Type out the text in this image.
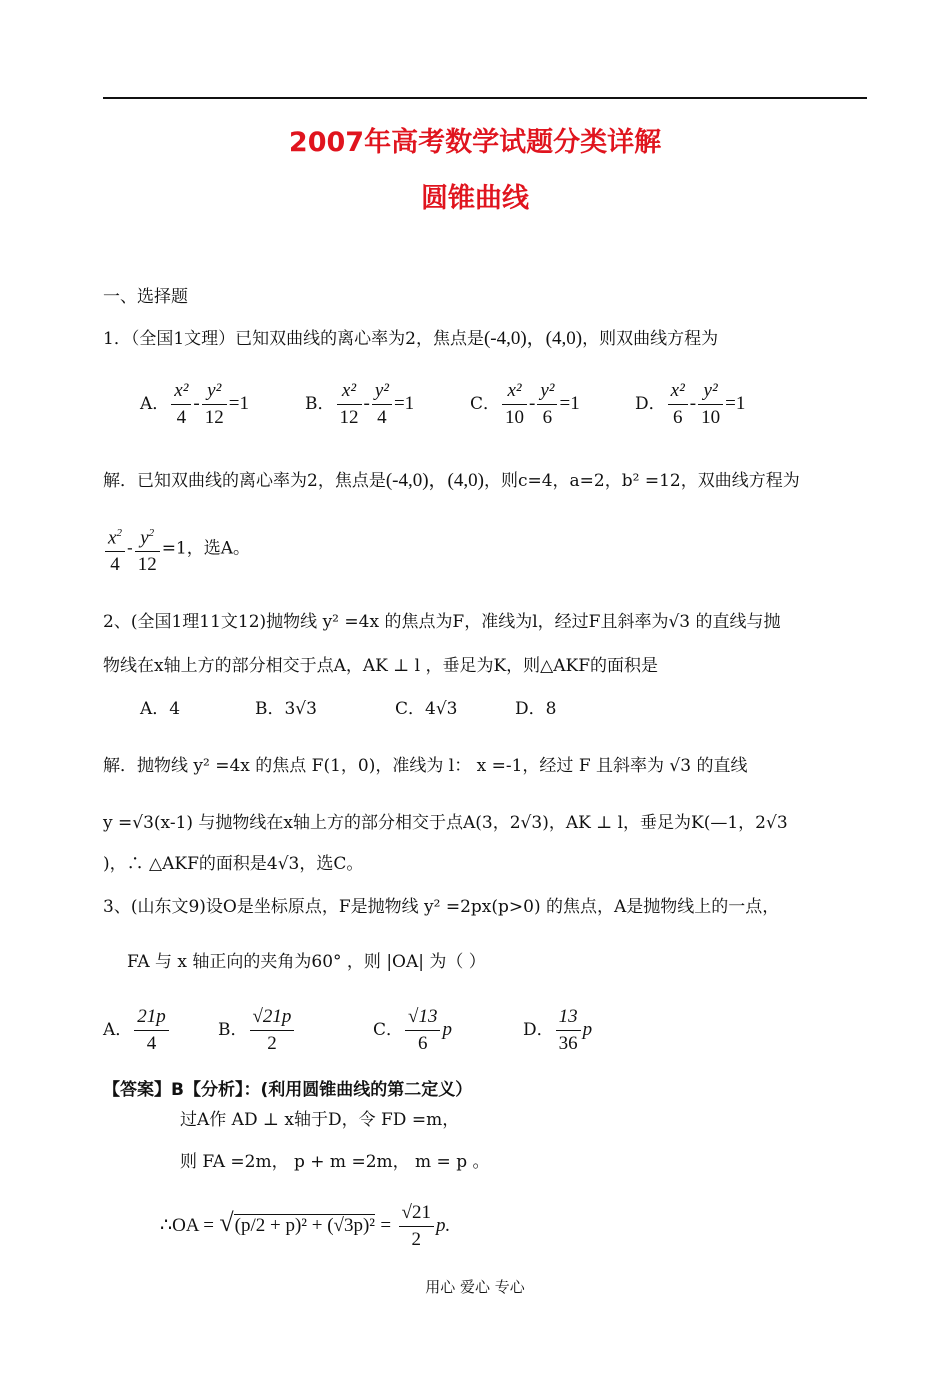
2007年高考数学试题分类详解
圆锥曲线
一、选择题
1．（全国1文理）已知双曲线的离心率为2，焦点是(-4,0)，(4,0)，则双曲线方程为
A． $\frac{\text{x²}}{4} - \frac{\text{y²}}{12} =1$	B． $\frac{\text{x²}}{12} - \frac{\text{y²}}{4} =1$	C． $\frac{\text{x²}}{10} - \frac{\text{y²}}{6} =1$	D． $\frac{\text{x²}}{6} - \frac{\text{y²}}{10} =1$
解．已知双曲线的离心率为2，焦点是(-4,0)，(4,0)，则c=4，a=2，b² =12，双曲线方程为
$\frac{x^2}{4} - \frac{y^2}{12} =1$，选A。
2、(全国1理11文12)抛物线 y² =4x 的焦点为F，准线为l，经过F且斜率为√3 的直线与抛
物线在x轴上方的部分相交于点A，AK ⊥ l ，垂足为K，则△AKF的面积是
A．4	B．3√3	C．4√3	D．8
解．抛物线 y² =4x 的焦点 F(1，0)，准线为 l： x =-1，经过 F 且斜率为 √3 的直线
y =√3(x-1) 与抛物线在x轴上方的部分相交于点A(3，2√3)，AK ⊥ l，垂足为K(—1，2√3
)，∴ △AKF的面积是4√3，选C。
3、(山东文9)设O是坐标原点，F是抛物线 y² =2px(p>0) 的焦点，A是抛物线上的一点，
FA 与 x 轴正向的夹角为60° ，则 |OA| 为（ ）
A． $\frac{21p}{4}$	B． $\frac{√21p}{2}$	C． $\frac{√13}{6}$ p	D． $\frac{13}{36}$ p
【答案】B【分析】：(利用圆锥曲线的第二定义）
过A作 AD ⊥ x轴于D，令 FD =m，
则 FA =2m， p + m =2m， m = p 。
∴OA = $√(p/2 + p)^2 + (√3p)^2 = \frac{√21}{2} p$.
用心 爱心 专心
